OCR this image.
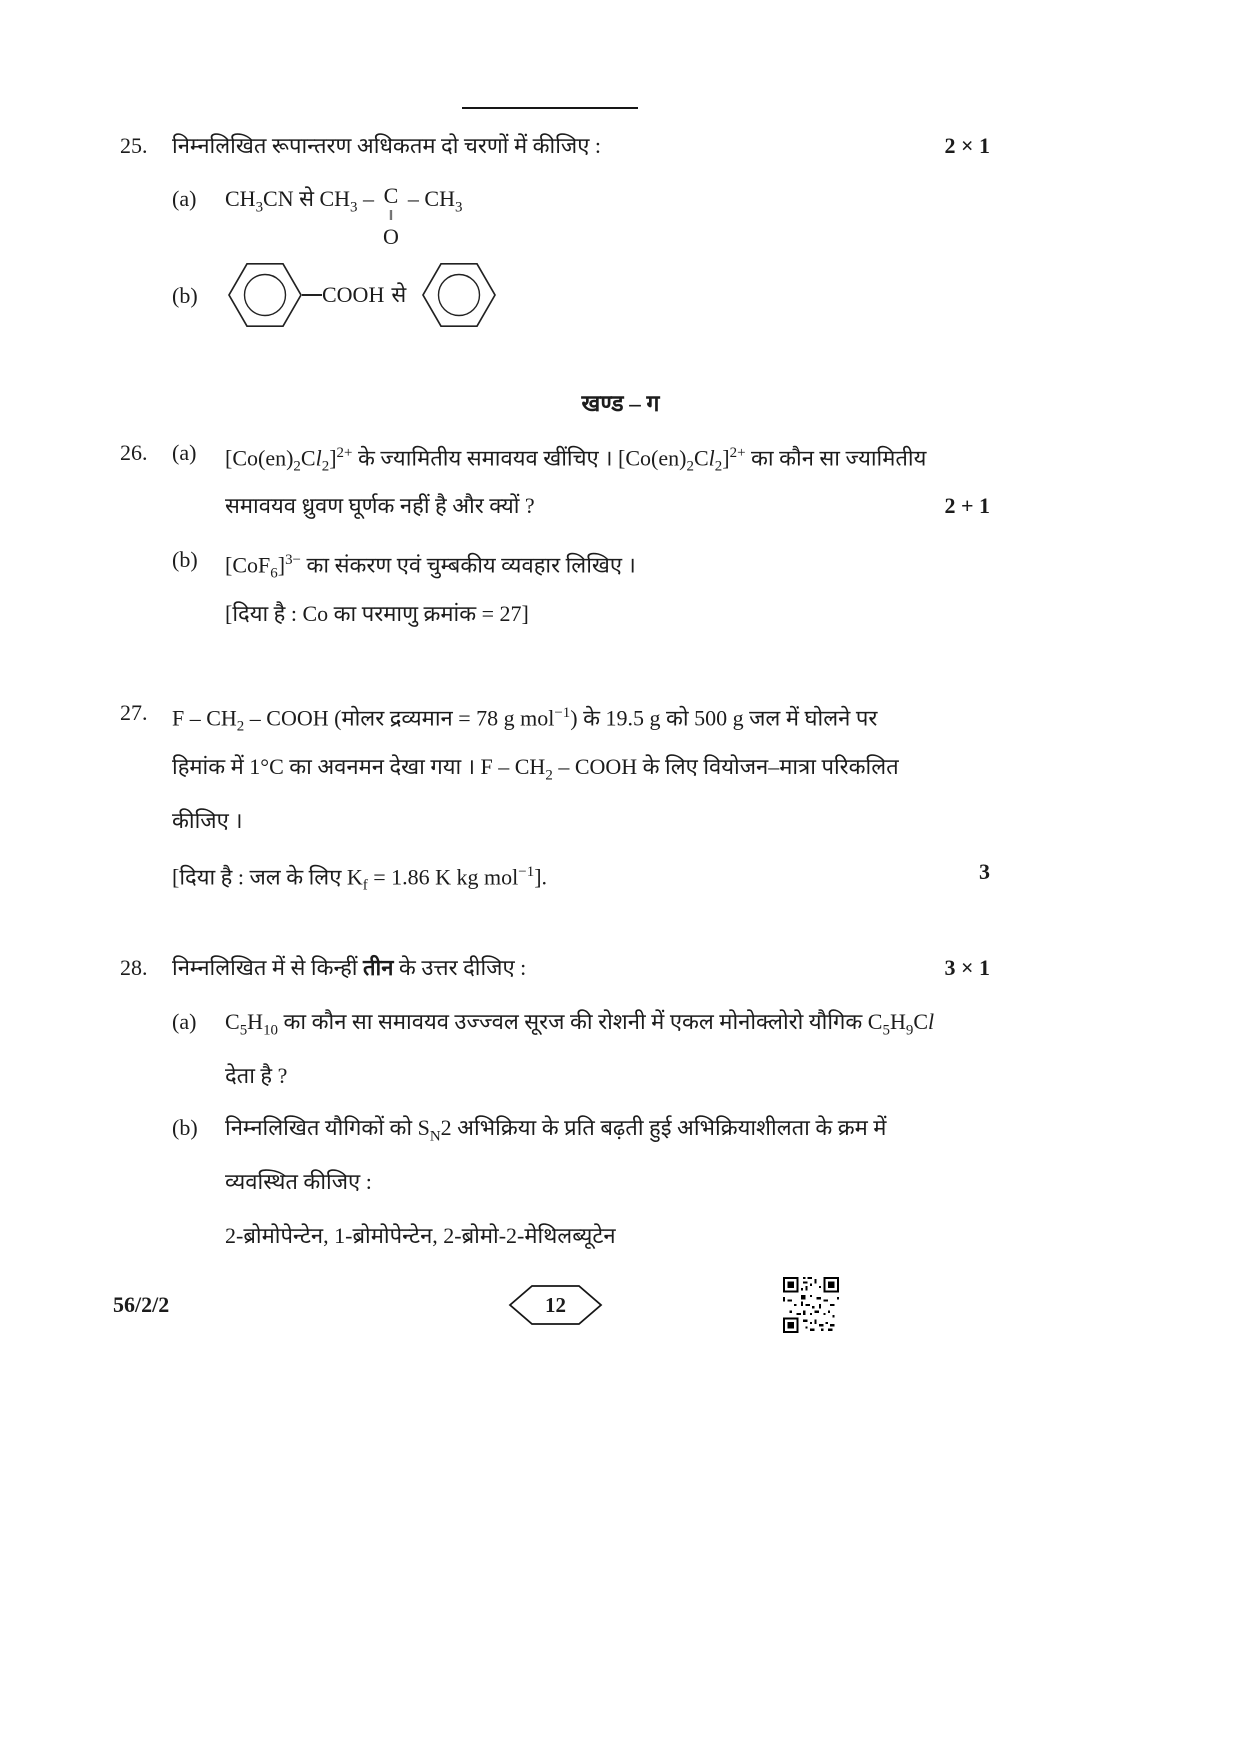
25. निम्नलिखित रूपान्तरण अधिकतम दो चरणों में कीजिए :	2 × 1
(a) $CH_3CN$ से $CH_3$ – C
‖
O
– $CH_3$
(b)	COOH से
खण्ड – ग
26. (a) $[Co(en)_2Cl_2]^{2+}$ के ज्यामितीय समावयव खींचिए । $[Co(en)_2Cl_2]^{2+}$ का कौन सा ज्यामितीय
समावयव ध्रुवण घूर्णक नहीं है और क्यों ?	2 + 1
(b) $[CoF_6]^{3-}$ का संकरण एवं चुम्बकीय व्यवहार लिखिए ।
[दिया है : Co का परमाणु क्रमांक = 27]
27. F – $CH_2$ – COOH (मोलर द्रव्यमान = 78 g mol$^{-1}$) के 19.5 g को 500 g जल में घोलने पर
हिमांक में 1°C का अवनमन देखा गया । F – $CH_2$ – COOH के लिए वियोजन–मात्रा परिकलित
कीजिए ।
[दिया है : जल के लिए $K_f = 1.86$ K kg mol$^{-1}$].	3
28. निम्नलिखित में से किन्हीं तीन के उत्तर दीजिए :	3 × 1
(a) $C_5H_{10}$ का कौन सा समावयव उज्ज्वल सूरज की रोशनी में एकल मोनोक्लोरो यौगिक $C_5H_9Cl$
देता है ?
(b) निम्नलिखित यौगिकों को $S_N2$ अभिक्रिया के प्रति बढ़ती हुई अभिक्रियाशीलता के क्रम में
व्यवस्थित कीजिए :
2-ब्रोमोपेन्टेन, 1-ब्रोमोपेन्टेन, 2-ब्रोमो-2-मेथिलब्यूटेन
56/2/2	12
